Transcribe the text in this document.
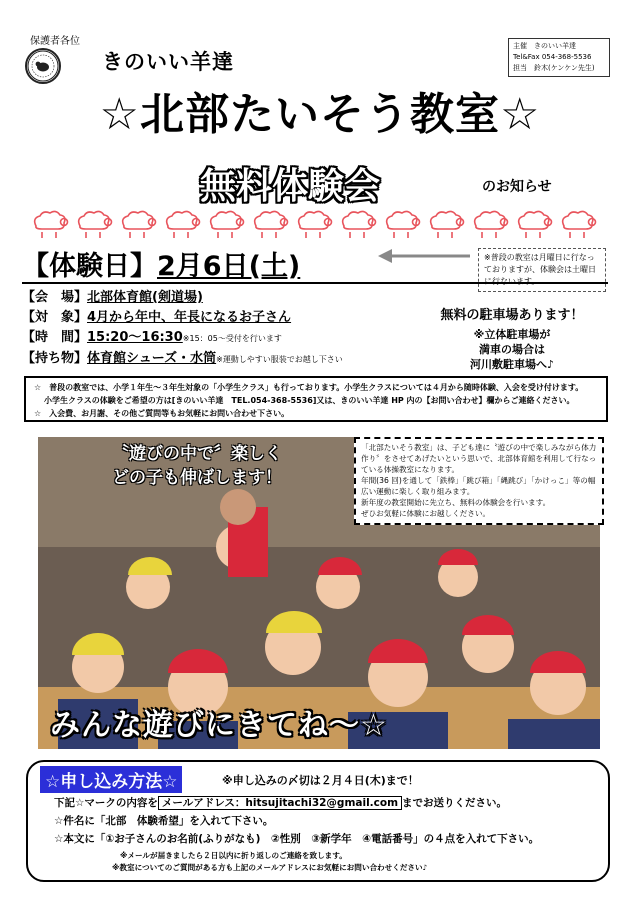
保護者各位
きのいい羊達
主催　きのいい羊達
Tel&Fax 054-368-5536
担当　鈴木(ケンケン先生)
☆北部たいそう教室☆
無料体験会	のお知らせ
【体験日】2月6日(土)	※普段の教室は月曜日に行なっておりますが、体験会は土曜日に行ないます。
【会　場】北部体育館(剣道場)
【対　象】4月から年中、年長になるお子さん
【時　間】15:20～16:30※15：05～受付を行います
【持ち物】体育館シューズ・水筒※運動しやすい服装でお越し下さい
無料の駐車場あります！
※立体駐車場が
満車の場合は
河川敷駐車場へ♪
☆　普段の教室では、小学１年生～３年生対象の「小学生クラス」も行っております。小学生クラスについては４月から随時体験、入会を受け付けます。
小学生クラスの体験をご希望の方は[きのいい羊達　TEL.054-368-5536]又は、きのいい羊達 HP 内の【お問い合わせ】欄からご連絡ください。
☆　入会費、お月謝、その他ご質問等もお気軽にお問い合わせ下さい。
〝遊びの中で〞楽しく
どの子も伸ばします！
「北部たいそう教室」は、子ども達に〝遊びの中で楽しみながら体力作り〞をさせてあげたいという思いで、北部体育館を利用して行なっている体操教室になります。
年間(36 回)を通して「鉄棒」「跳び箱」「縄跳び」「かけっこ」等の幅広い運動に楽しく取り組みます。
新年度の教室開始に先立ち、無料の体験会を行います。
ぜひお気軽に体験にお越しください。
みんな遊びにきてね～☆
☆申し込み方法☆	※申し込みの〆切は２月４日(木)まで！
下記☆マークの内容を メールアドレス：hitsujitachi32@gmail.com までお送りください。
☆件名に「北部　体験希望」を入れて下さい。
☆本文に「①お子さんのお名前(ふりがなも)　②性別　③新学年　④電話番号」の４点を入れて下さい。
※メールが届きましたら２日以内に折り返しのご連絡を致します。
※教室についてのご質問がある方も上記のメールアドレスにお気軽にお問い合わせください♪
